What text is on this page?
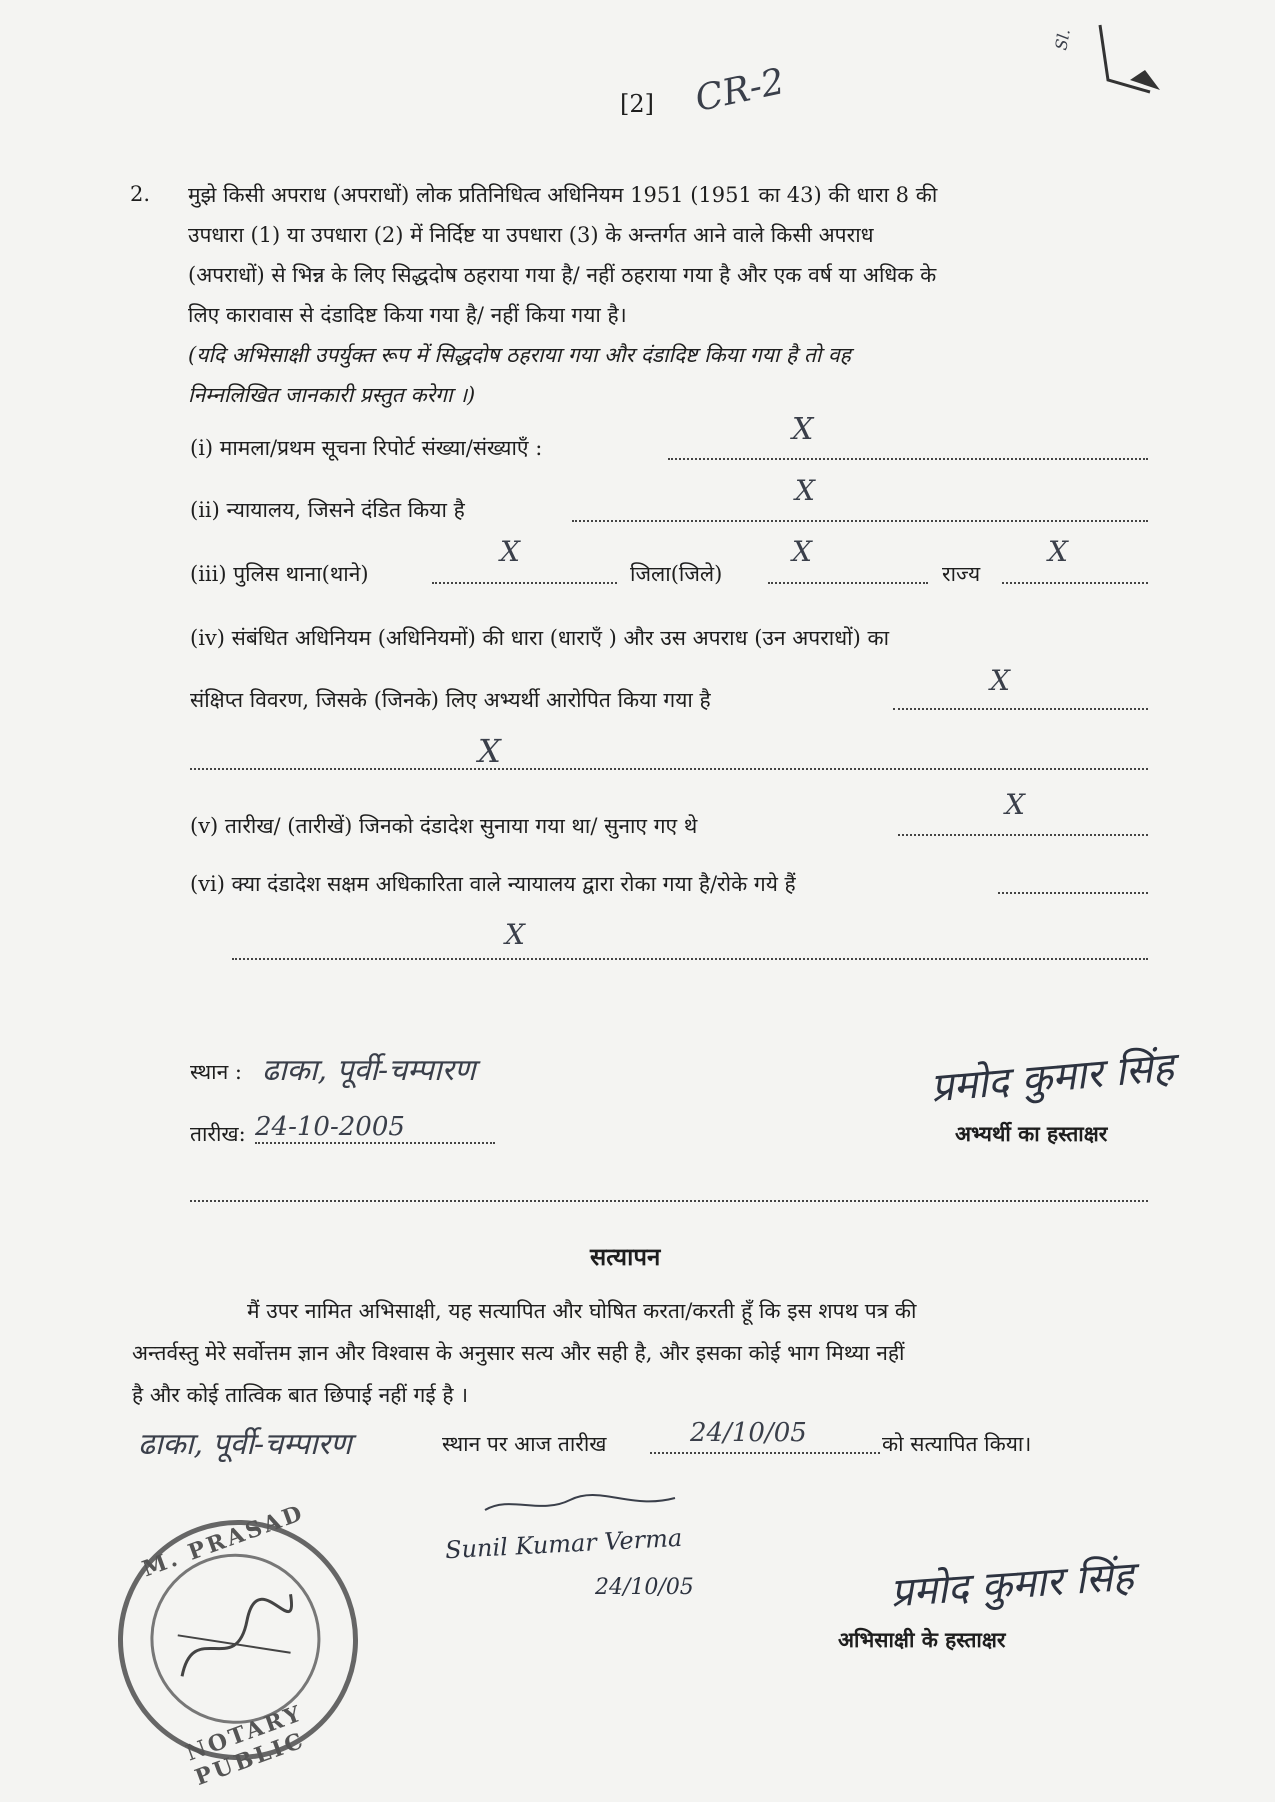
Sl.
[2] CR-2
2. मुझे किसी अपराध (अपराधों) लोक प्रतिनिधित्व अधिनियम 1951 (1951 का 43) की धारा 8 की
उपधारा (1) या उपधारा (2) में निर्दिष्ट या उपधारा (3) के अन्तर्गत आने वाले किसी अपराध
(अपराधों) से भिन्न के लिए सिद्धदोष ठहराया गया है/ नहीं ठहराया गया है और एक वर्ष या अधिक के
लिए कारावास से दंडादिष्ट किया गया है/ नहीं किया गया है।
(यदि अभिसाक्षी उपर्युक्त रूप में सिद्धदोष ठहराया गया और दंडादिष्ट किया गया है तो वह
निम्नलिखित जानकारी प्रस्तुत करेगा ।)
(i) मामला/प्रथम सूचना रिपोर्ट संख्या/संख्याएँ :
X
(ii) न्यायालय, जिसने दंडित किया है
X
(iii) पुलिस थाना(थाने)
X
जिला(जिले)
X
राज्य
X
(iv) संबंधित अधिनियम (अधिनियमों) की धारा (धाराएँ ) और उस अपराध (उन अपराधों) का
संक्षिप्त विवरण, जिसके (जिनके) लिए अभ्यर्थी आरोपित किया गया है
X
X
(v) तारीख/ (तारीखें) जिनको दंडादेश सुनाया गया था/ सुनाए गए थे
X
(vi) क्या दंडादेश सक्षम अधिकारिता वाले न्यायालय द्वारा रोका गया है/रोके गये हैं
X
स्थान : ढाका, पूर्वी-चम्पारण	प्रमोद कुमार सिंह
तारीख: 24-10-2005	अभ्यर्थी का हस्ताक्षर
सत्यापन
मैं उपर नामित अभिसाक्षी, यह सत्यापित और घोषित करता/करती हूँ कि इस शपथ पत्र की
अन्तर्वस्तु मेरे सर्वोत्तम ज्ञान और विश्वास के अनुसार सत्य और सही है, और इसका कोई भाग मिथ्या नहीं
है और कोई तात्विक बात छिपाई नहीं गई है ।
ढाका, पूर्वी-चम्पारण	स्थान पर आज तारीख	24/10/05	को सत्यापित किया।
Sunil Kumar Verma
24/10/05	प्रमोद कुमार सिंह
अभिसाक्षी के हस्ताक्षर
M. PRASAD
NOTARY PUBLIC
